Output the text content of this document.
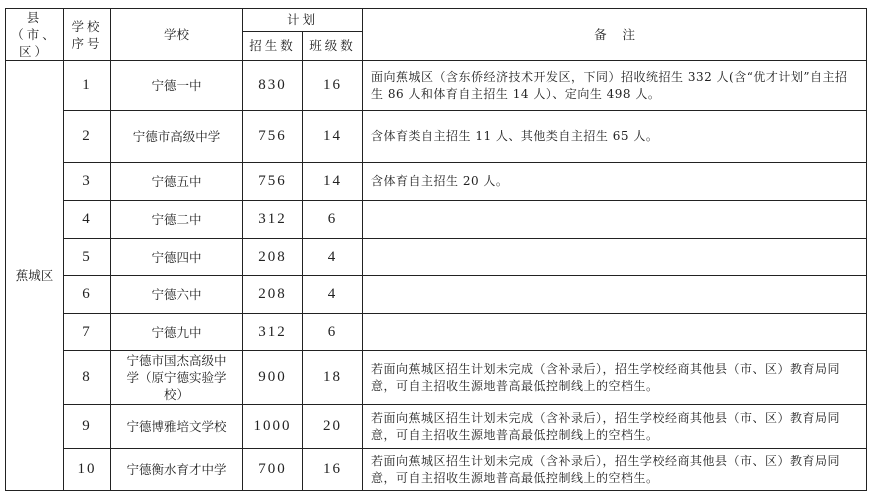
县（市、区）	学校序号	学校	计划		备    注
			招生数	班级数	
蕉城区	1	宁德一中	830	16	面向蕉城区（含东侨经济技术开发区，下同）招收统招生 332 人(含“优才计划”自主招生 86 人和体育自主招生 14 人）、定向生 498 人。
	2	宁德市高级中学	756	14	含体育类自主招生 11 人、其他类自主招生 65 人。
	3	宁德五中	756	14	含体育自主招生 20 人。
	4	宁德二中	312	6	
	5	宁德四中	208	4	
	6	宁德六中	208	4	
	7	宁德九中	312	6	
	8	宁德市国杰高级中学（原宁德实验学校）	900	18	若面向蕉城区招生计划未完成（含补录后），招生学校经商其他县（市、区）教育局同意，可自主招收生源地普高最低控制线上的空档生。
	9	宁德博雅培文学校	1000	20	若面向蕉城区招生计划未完成（含补录后），招生学校经商其他县（市、区）教育局同意，可自主招收生源地普高最低控制线上的空档生。
	10	宁德衡水育才中学	700	16	若面向蕉城区招生计划未完成（含补录后），招生学校经商其他县（市、区）教育局同意，可自主招收生源地普高最低控制线上的空档生。
